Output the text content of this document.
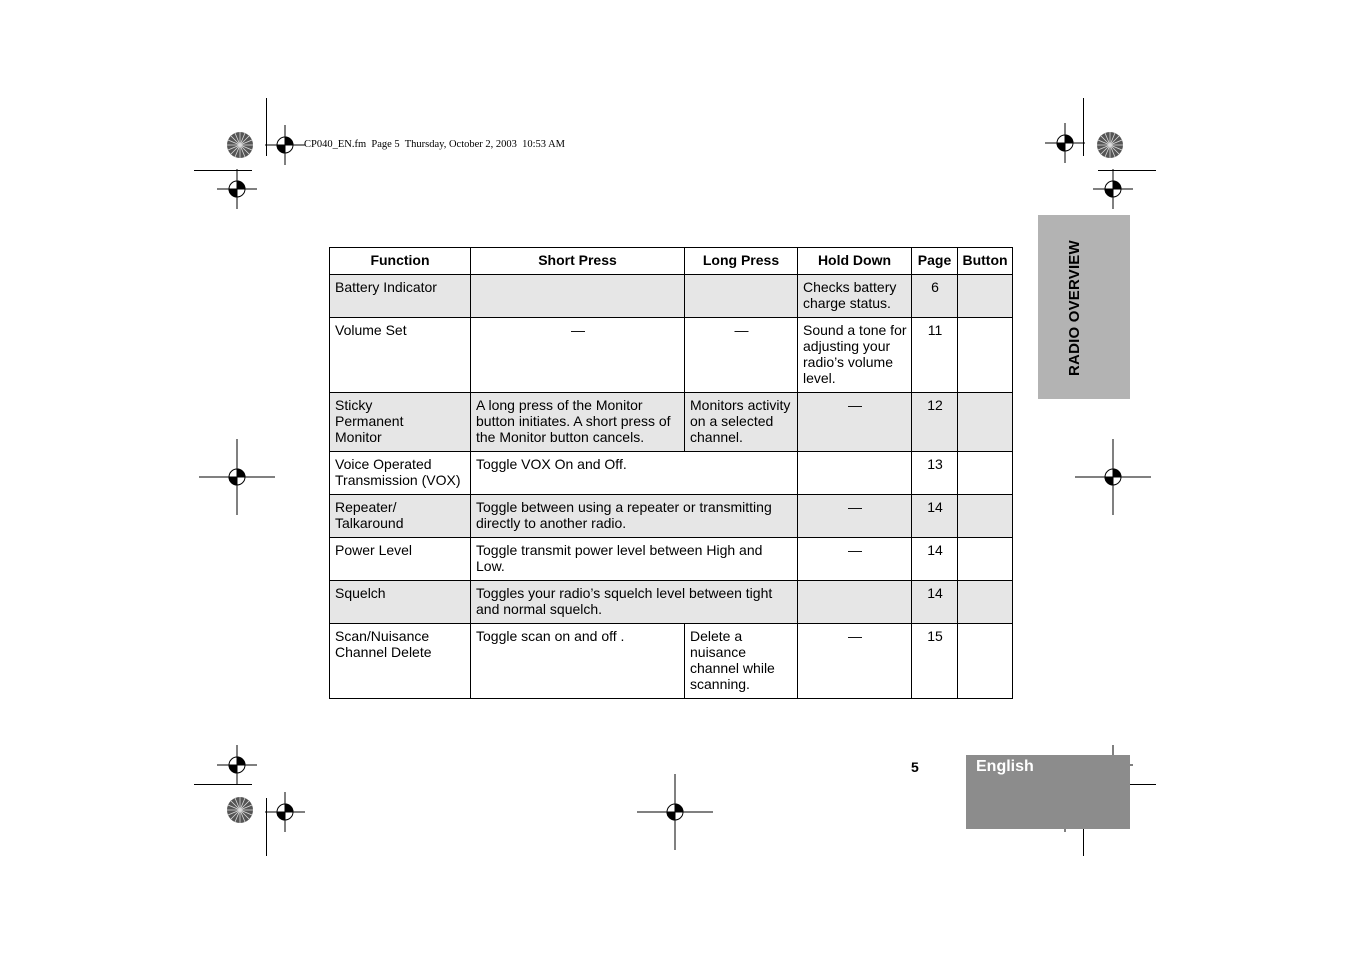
CP040_EN.fm  Page 5  Thursday, October 2, 2003  10:53 AM
RADIO OVERVIEW
Function	Short Press	Long Press	Hold Down	Page	Button
Battery Indicator			Checks battery charge status.	6	
Volume Set	—	—	Sound a tone for adjusting your radio’s volume level.	11	
Sticky Permanent Monitor	A long press of the Monitor button initiates. A short press of the Monitor button cancels.	Monitors activity on a selected channel.	—	12	
Voice Operated Transmission (VOX)	Toggle VOX On and Off.			13	
Repeater/ Talkaround	Toggle between using a repeater or transmitting directly to another radio.		—	14	
Power Level	Toggle transmit power level between High and Low.		—	14	
Squelch	Toggles your radio’s squelch level between tight and normal squelch.			14	
Scan/Nuisance Channel Delete	Toggle scan on and off .	Delete a nuisance channel while scanning.	—	15	
5	English
